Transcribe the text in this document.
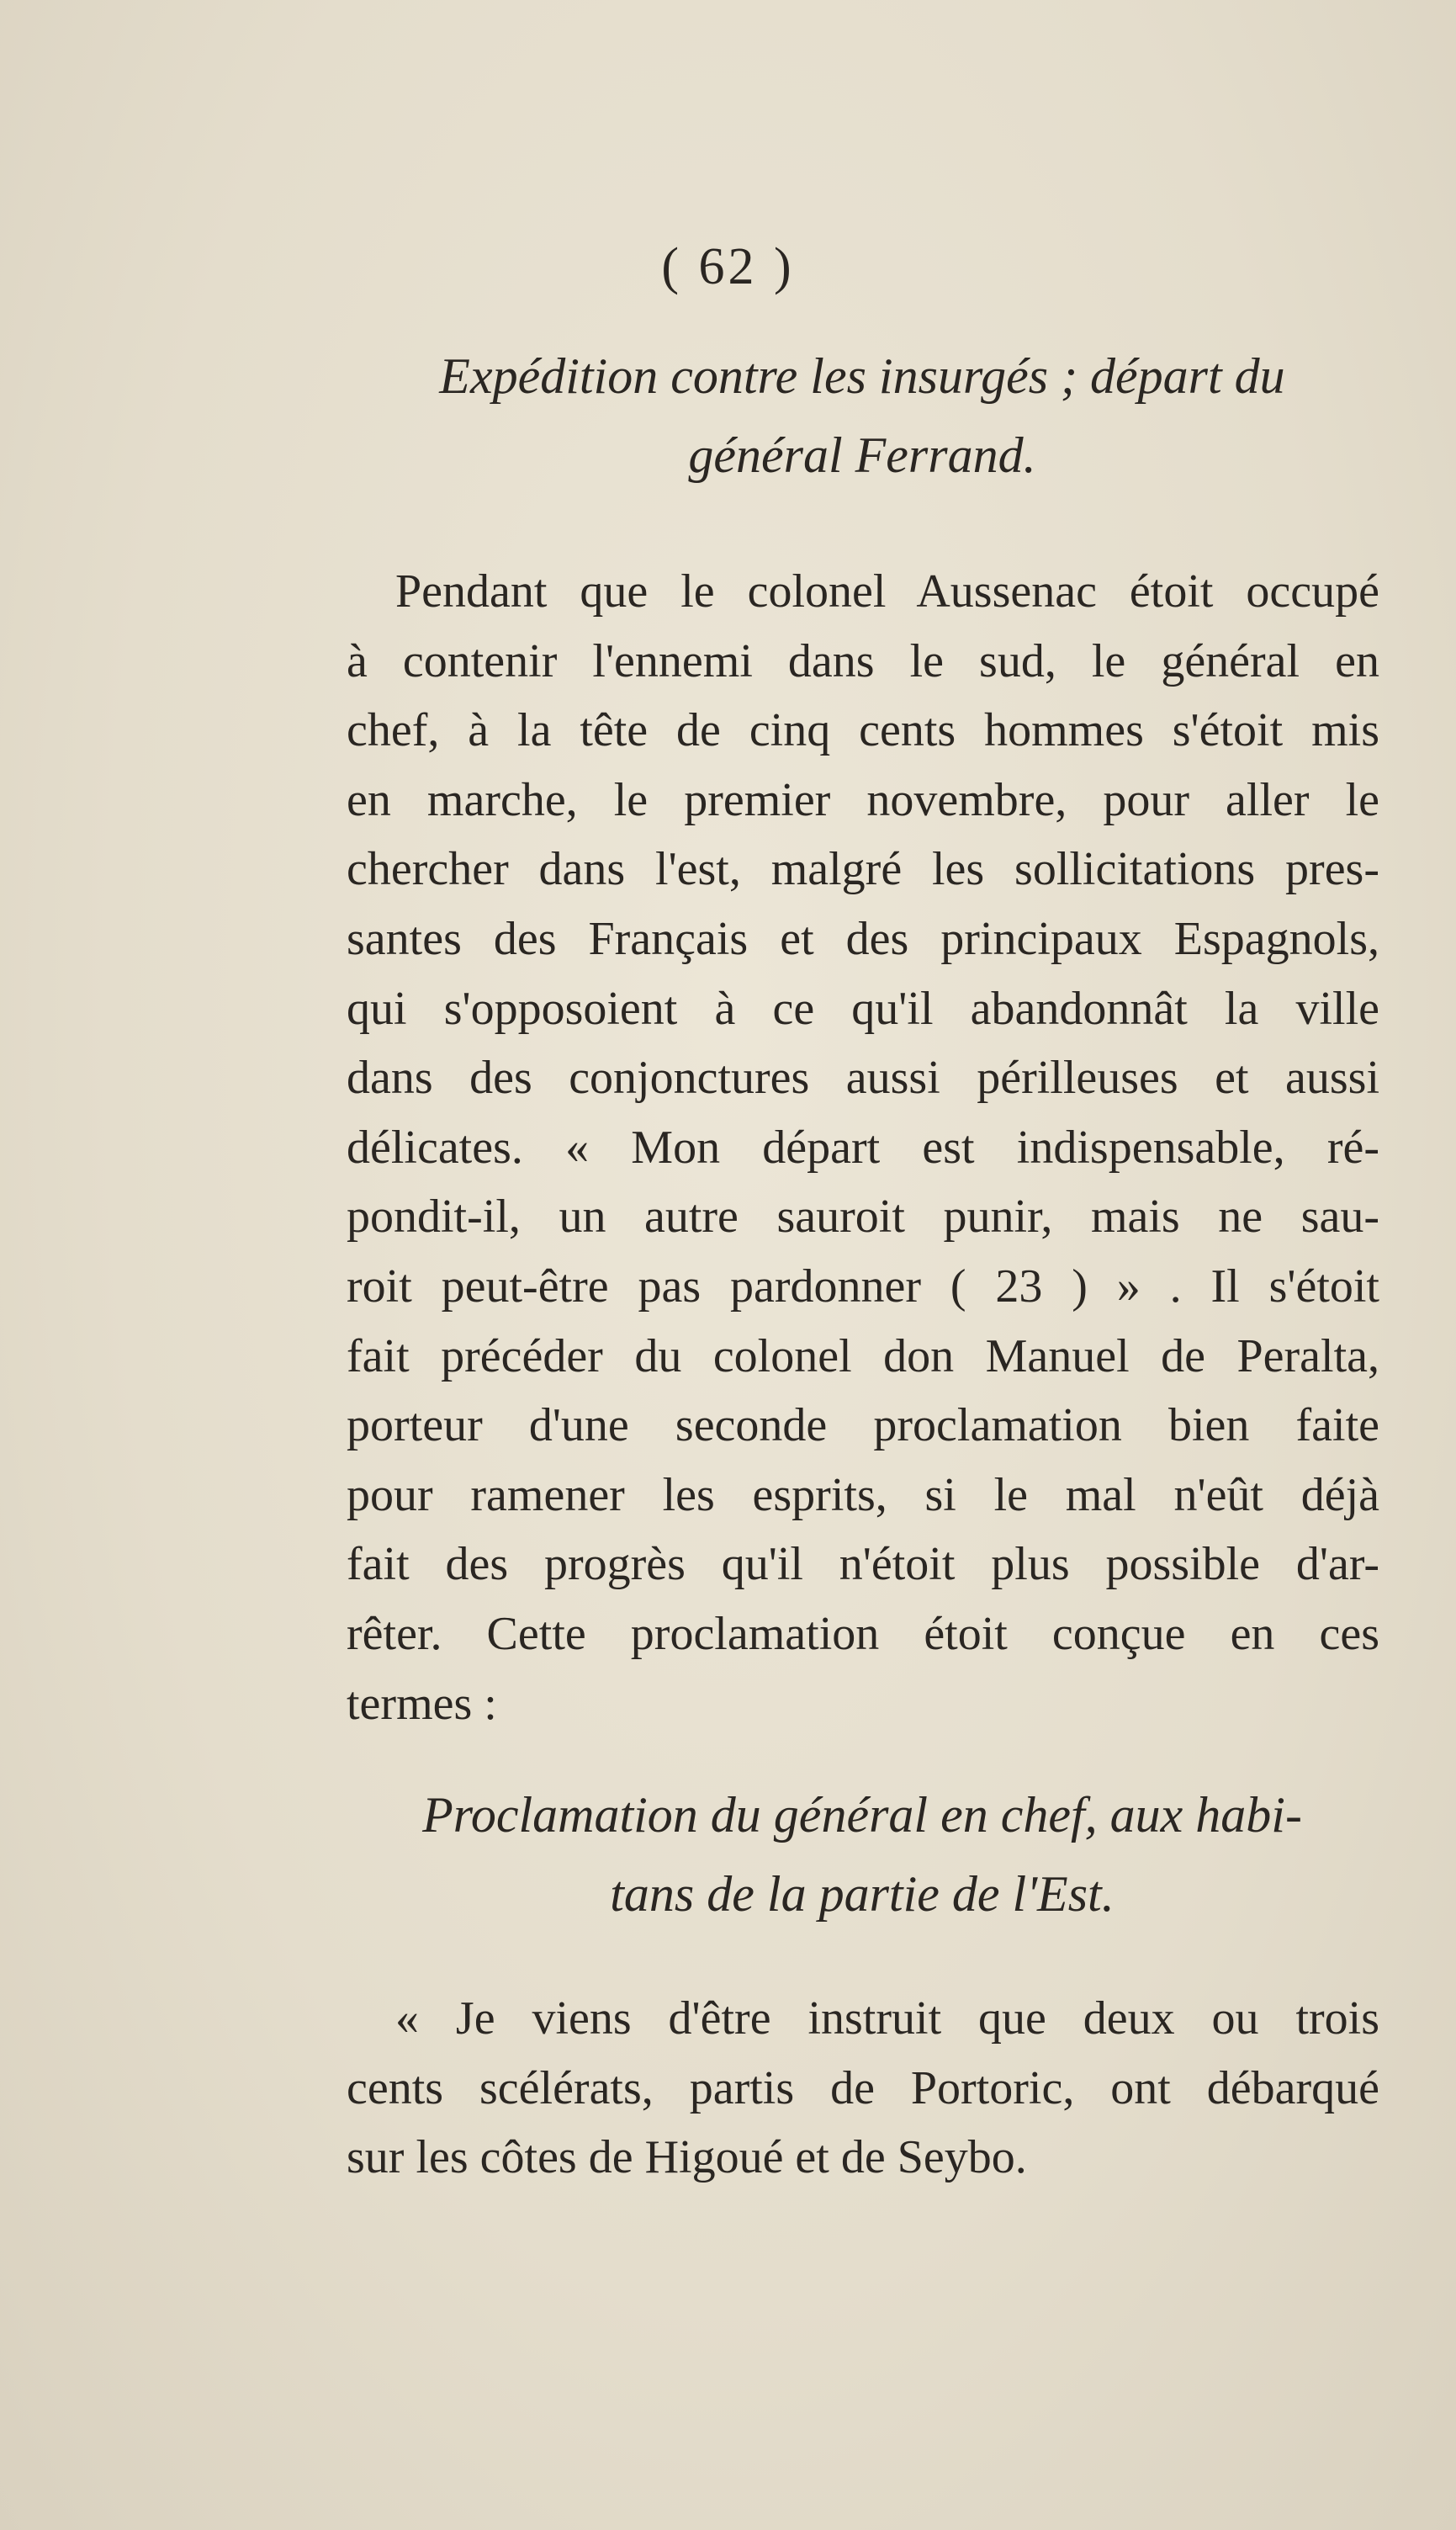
( 62 )
Expédition contre les insurgés ; départ du
général Ferrand.
Pendant que le colonel Aussenac étoit occupé
à contenir l'ennemi dans le sud, le général en
chef, à la tête de cinq cents hommes s'étoit mis
en marche, le premier novembre, pour aller le
chercher dans l'est, malgré les sollicitations pres-
santes des Français et des principaux Espagnols,
qui s'opposoient à ce qu'il abandonnât la ville
dans des conjonctures aussi périlleuses et aussi
délicates. « Mon départ est indispensable, ré-
pondit-il, un autre sauroit punir, mais ne sau-
roit peut-être pas pardonner ( 23 ) » . Il s'étoit
fait précéder du colonel don Manuel de Peralta,
porteur d'une seconde proclamation bien faite
pour ramener les esprits, si le mal n'eût déjà
fait des progrès qu'il n'étoit plus possible d'ar-
rêter. Cette proclamation étoit conçue en ces
termes :
Proclamation du général en chef, aux habi-
tans de la partie de l'Est.
« Je viens d'être instruit que deux ou trois
cents scélérats, partis de Portoric, ont débarqué
sur les côtes de Higoué et de Seybo.
